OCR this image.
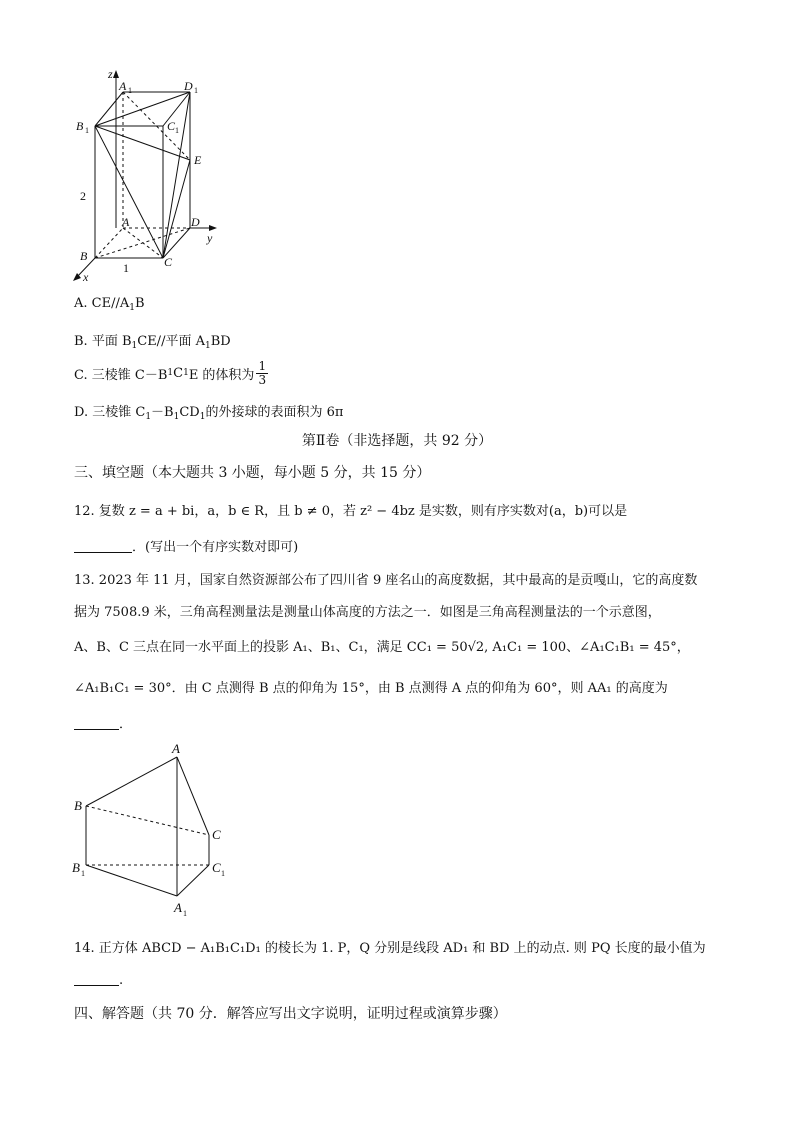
z
A 1	D 1
B 1	C 1
E
A	D
B	C
y
x
2
1
A. $CE//A_1B$
B. 平面 $B_1CE//$平面 $A_1BD$
C. 三棱锥 C－B 1 C 1 E 的体积为 $\frac{1}{3}$
D. 三棱锥 $C_1-B_1CD_1$的外接球的表面积为 6π
第Ⅱ卷（非选择题，共 92 分）
三、填空题（本大题共 3 小题，每小题 5 分，共 15 分）
12. 复数 z = a + bi，a，b ∈ R，且 b ≠ 0，若 z² − 4bz 是实数，则有序实数对(a，b)可以是
．(写出一个有序实数对即可)
13. 2023 年 11 月，国家自然资源部公布了四川省 9 座名山的高度数据，其中最高的是贡嘎山，它的高度数
据为 7508.9 米，三角高程测量法是测量山体高度的方法之一．如图是三角高程测量法的一个示意图，
A、B、C 三点在同一水平面上的投影 A₁、B₁、C₁，满足 CC₁ = 50√2, A₁C₁ = 100、∠A₁C₁B₁ = 45°，
∠A₁B₁C₁ = 30°．由 C 点测得 B 点的仰角为 15°，由 B 点测得 A 点的仰角为 60°，则 AA₁ 的高度为
．
A
B
C
B 1	C 1
A 1
14. 正方体 ABCD − A₁B₁C₁D₁ 的棱长为 1. P，Q 分别是线段 AD₁ 和 BD 上的动点. 则 PQ 长度的最小值为
.
四、解答题（共 70 分．解答应写出文字说明，证明过程或演算步骤）
